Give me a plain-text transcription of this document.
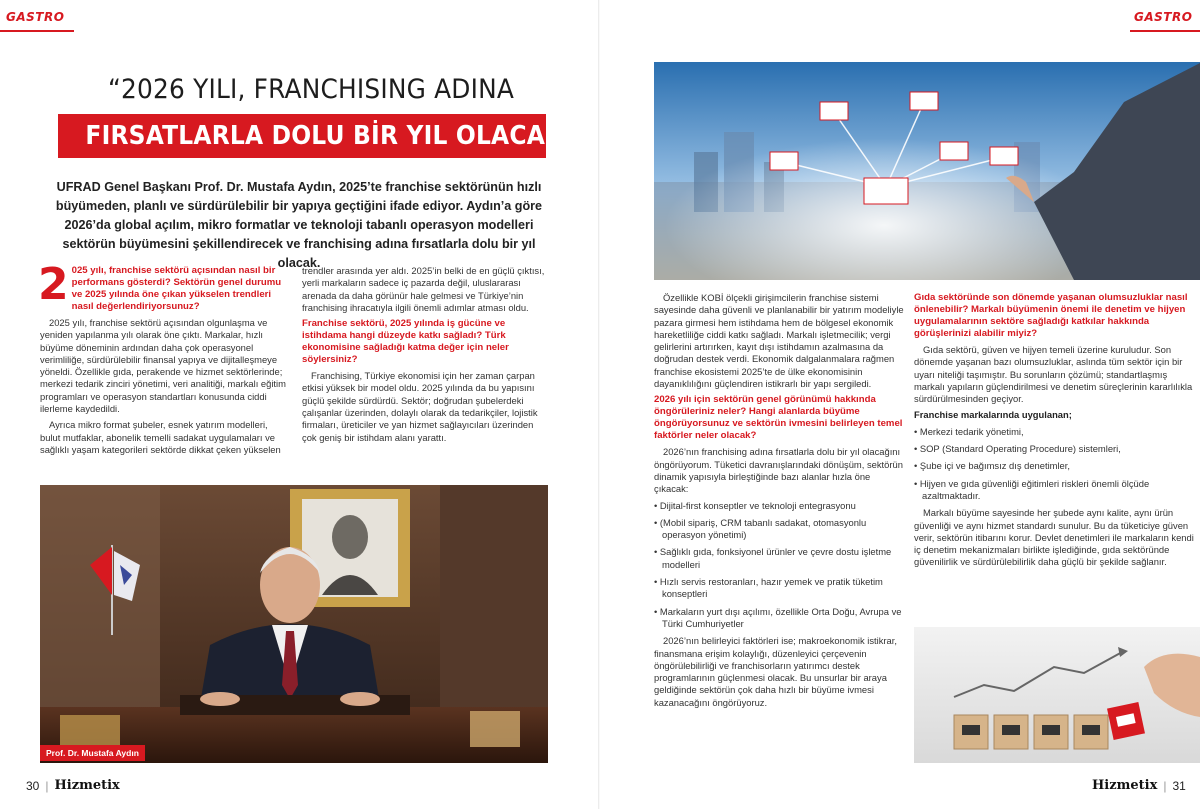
GASTRO
“2026 YILI, FRANCHISING ADINA
FIRSATLARLA DOLU BİR YIL OLACAK”
UFRAD Genel Başkanı Prof. Dr. Mustafa Aydın, 2025’te franchise sektörünün hızlı büyümeden, planlı ve sürdürülebilir bir yapıya geçtiğini ifade ediyor. Aydın’a göre 2026’da global açılım, mikro formatlar ve teknoloji tabanlı operasyon modelleri sektörün büyümesini şekillendirecek ve franchising adına fırsatlarla dolu bir yıl olacak.
2 025 yılı, franchise sektörü açısından nasıl bir performans gösterdi? Sektörün genel durumu ve 2025 yılında öne çıkan yükselen trendleri nasıl değerlendiriyorsunuz?

2025 yılı, franchise sektörü açısından olgunlaşma ve yeniden yapılanma yılı olarak öne çıktı. Markalar, hızlı büyüme döneminin ardından daha çok operasyonel verimliliğe, sürdürülebilir finansal yapıya ve dijitalleşmeye yöneldi. Özellikle gıda, perakende ve hizmet sektörlerinde; merkezi tedarik zinciri yönetimi, veri analitiği, markalı eğitim programları ve operasyon standartları konusunda ciddi ilerleme kaydedildi.

Ayrıca mikro format şubeler, esnek yatırım modelleri, bulut mutfaklar, abonelik temelli sadakat uygulamaları ve sağlıklı yaşam kategorileri sektörde dikkat çeken yükselen

trendler arasında yer aldı. 2025’in belki de en güçlü çıktısı, yerli markaların sadece iç pazarda değil, uluslararası arenada da daha görünür hale gelmesi ve Türkiye’nin franchising ihracatıyla ilgili önemli adımlar atması oldu.

Franchise sektörü, 2025 yılında iş gücüne ve istihdama hangi düzeyde katkı sağladı? Türk ekonomisine sağladığı katma değer için neler söylersiniz?

Franchising, Türkiye ekonomisi için her zaman çarpan etkisi yüksek bir model oldu. 2025 yılında da bu yapısını güçlü şekilde sürdürdü. Sektör; doğrudan şubelerdeki çalışanlar üzerinden, dolaylı olarak da tedarikçiler, lojistik firmaları, üreticiler ve yan hizmet sağlayıcıları üzerinden çok geniş bir istihdam alanı yarattı.

Prof. Dr. Mustafa Aydın
30 | Hizmetix
GASTRO

Özellikle KOBİ ölçekli girişimcilerin franchise sistemi sayesinde daha güvenli ve planlanabilir bir yatırım modeliyle pazara girmesi hem istihdama hem de bölgesel ekonomik hareketliliğe ciddi katkı sağladı. Markalı işletmecilik; vergi gelirlerini artırırken, kayıt dışı istihdamın azalmasına da doğrudan destek verdi. Ekonomik dalgalanmalara rağmen franchise ekosistemi 2025’te de ülke ekonomisinin dayanıklılığını güçlendiren istikrarlı bir yapı sergiledi.

2026 yılı için sektörün genel görünümü hakkında öngörüleriniz neler? Hangi alanlarda büyüme öngörüyorsunuz ve sektörün ivmesini belirleyen temel faktörler neler olacak?

2026’nın franchising adına fırsatlarla dolu bir yıl olacağını öngörüyorum. Tüketici davranışlarındaki dönüşüm, sektörün dinamik yapısıyla birleştiğinde bazı alanlar hızla öne çıkacak:

• Dijital-first konseptler ve teknoloji entegrasyonu

• (Mobil sipariş, CRM tabanlı sadakat, otomasyonlu operasyon yönetimi)

• Sağlıklı gıda, fonksiyonel ürünler ve çevre dostu işletme modelleri

• Hızlı servis restoranları, hazır yemek ve pratik tüketim konseptleri

• Markaların yurt dışı açılımı, özellikle Orta Doğu, Avrupa ve Türki Cumhuriyetler

2026’nın belirleyici faktörleri ise; makroekonomik istikrar, finansmana erişim kolaylığı, düzenleyici çerçevenin öngörülebilirliği ve franchisorların yatırımcı destek programlarının güçlenmesi olacak. Bu unsurlar bir araya geldiğinde sektörün çok daha hızlı bir büyüme ivmesi kazanacağını öngörüyoruz.

Gıda sektöründe son dönemde yaşanan olumsuzluklar nasıl önlenebilir? Markalı büyümenin önemi ile denetim ve hijyen uygulamalarının sektöre sağladığı katkılar hakkında görüşlerinizi alabilir miyiz?

Gıda sektörü, güven ve hijyen temeli üzerine kuruludur. Son dönemde yaşanan bazı olumsuzluklar, aslında tüm sektör için bir uyarı niteliği taşımıştır. Bu sorunların çözümü; standartlaşmış markalı yapıların güçlendirilmesi ve denetim süreçlerinin kararlılıkla sürdürülmesinden geçiyor.

Franchise markalarında uygulanan;

• Merkezi tedarik yönetimi,

• SOP (Standard Operating Procedure) sistemleri,

• Şube içi ve bağımsız dış denetimler,

• Hijyen ve gıda güvenliği eğitimleri riskleri önemli ölçüde azaltmaktadır.

Markalı büyüme sayesinde her şubede aynı kalite, aynı ürün güvenliği ve aynı hizmet standardı sunulur. Bu da tüketiciye güven verir, sektörün itibarını korur. Devlet denetimleri ile markaların kendi iç denetim mekanizmaları birlikte işlediğinde, gıda sektöründe güvenilirlik ve sürdürülebilirlik daha güçlü bir şekilde sağlanır.

Hizmetix | 31
